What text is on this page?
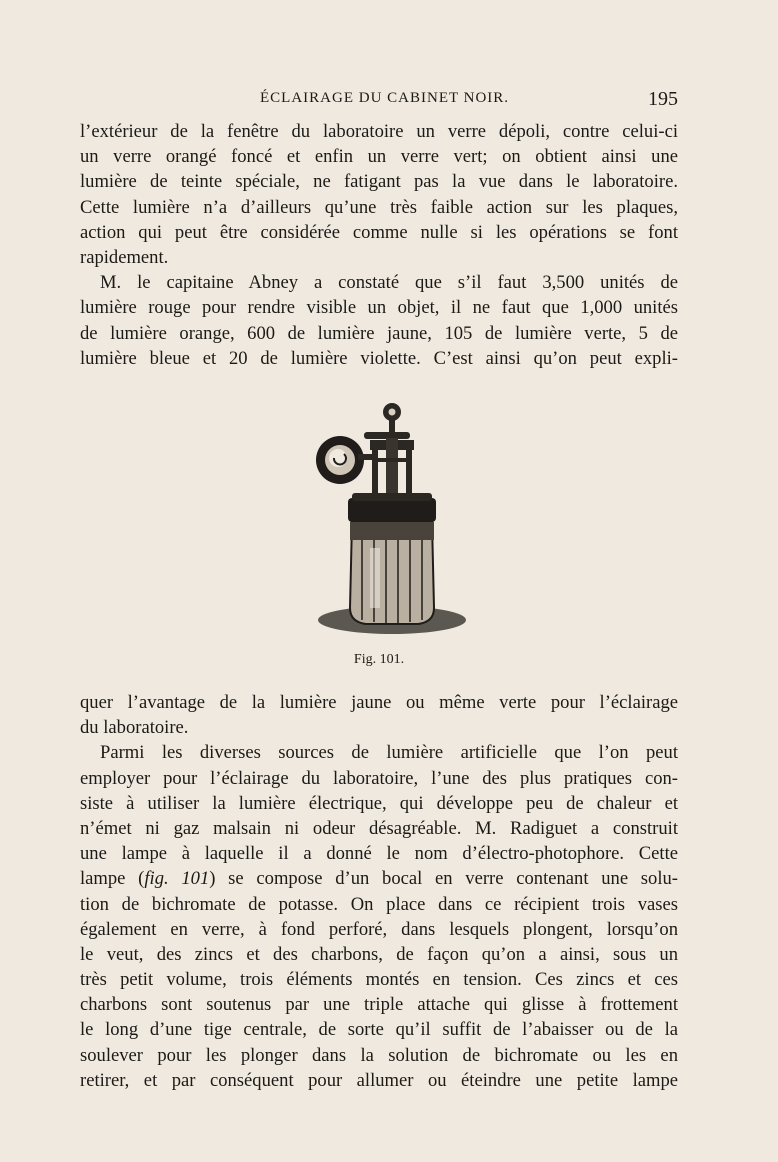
ÉCLAIRAGE DU CABINET NOIR.	195
l’extérieur de la fenêtre du laboratoire un verre dépoli, contre celui-ci
un verre orangé foncé et enfin un verre vert; on obtient ainsi une
lumière de teinte spéciale, ne fatigant pas la vue dans le laboratoire.
Cette lumière n’a d’ailleurs qu’une très faible action sur les plaques,
action qui peut être considérée comme nulle si les opérations se font
rapidement.
M. le capitaine Abney a constaté que s’il faut 3,500 unités de
lumière rouge pour rendre visible un objet, il ne faut que 1,000 unités
de lumière orange, 600 de lumière jaune, 105 de lumière verte, 5 de
lumière bleue et 20 de lumière violette. C’est ainsi qu’on peut expli-
Fig. 101.
quer l’avantage de la lumière jaune ou même verte pour l’éclairage
du laboratoire.
Parmi les diverses sources de lumière artificielle que l’on peut
employer pour l’éclairage du laboratoire, l’une des plus pratiques con-
siste à utiliser la lumière électrique, qui développe peu de chaleur et
n’émet ni gaz malsain ni odeur désagréable. M. Radiguet a construit
une lampe à laquelle il a donné le nom d’électro-photophore. Cette
lampe (fig. 101) se compose d’un bocal en verre contenant une solu-
tion de bichromate de potasse. On place dans ce récipient trois vases
également en verre, à fond perforé, dans lesquels plongent, lorsqu’on
le veut, des zincs et des charbons, de façon qu’on a ainsi, sous un
très petit volume, trois éléments montés en tension. Ces zincs et ces
charbons sont soutenus par une triple attache qui glisse à frottement
le long d’une tige centrale, de sorte qu’il suffit de l’abaisser ou de la
soulever pour les plonger dans la solution de bichromate ou les en
retirer, et par conséquent pour allumer ou éteindre une petite lampe
